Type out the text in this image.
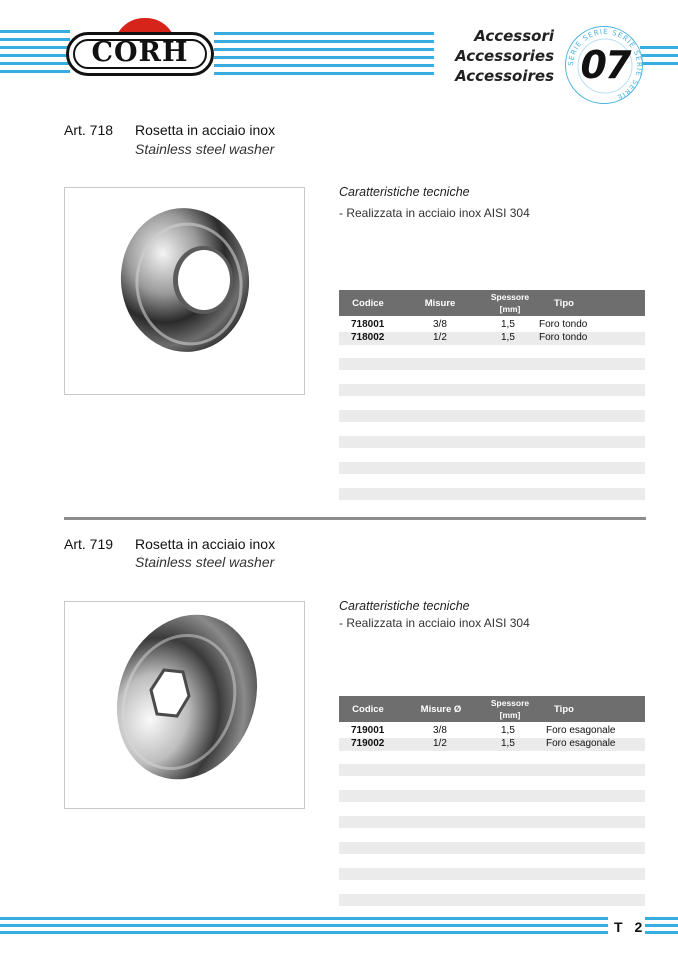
CORH
Accessori
Accessories
Accessoires
SERIE SERIE SERIE SERIE SERIE
07
Art. 718 Rosetta in acciaio inox
Stainless steel washer
Caratteristiche tecniche
- Realizzata in acciaio inox AISI 304
Codice	Misure
Spessore
[mm]	Tipo
718001	3/8	1,5 Foro tondo
718002	1/2	1,5 Foro tondo
Art. 719 Rosetta in acciaio inox
Stainless steel washer
Caratteristiche tecniche
- Realizzata in acciaio inox AISI 304
Codice	Misure Ø
Spessore
[mm]	Tipo
719001	3/8	1,5	Foro esagonale
719002	1/2	1,5	Foro esagonale
T 2
